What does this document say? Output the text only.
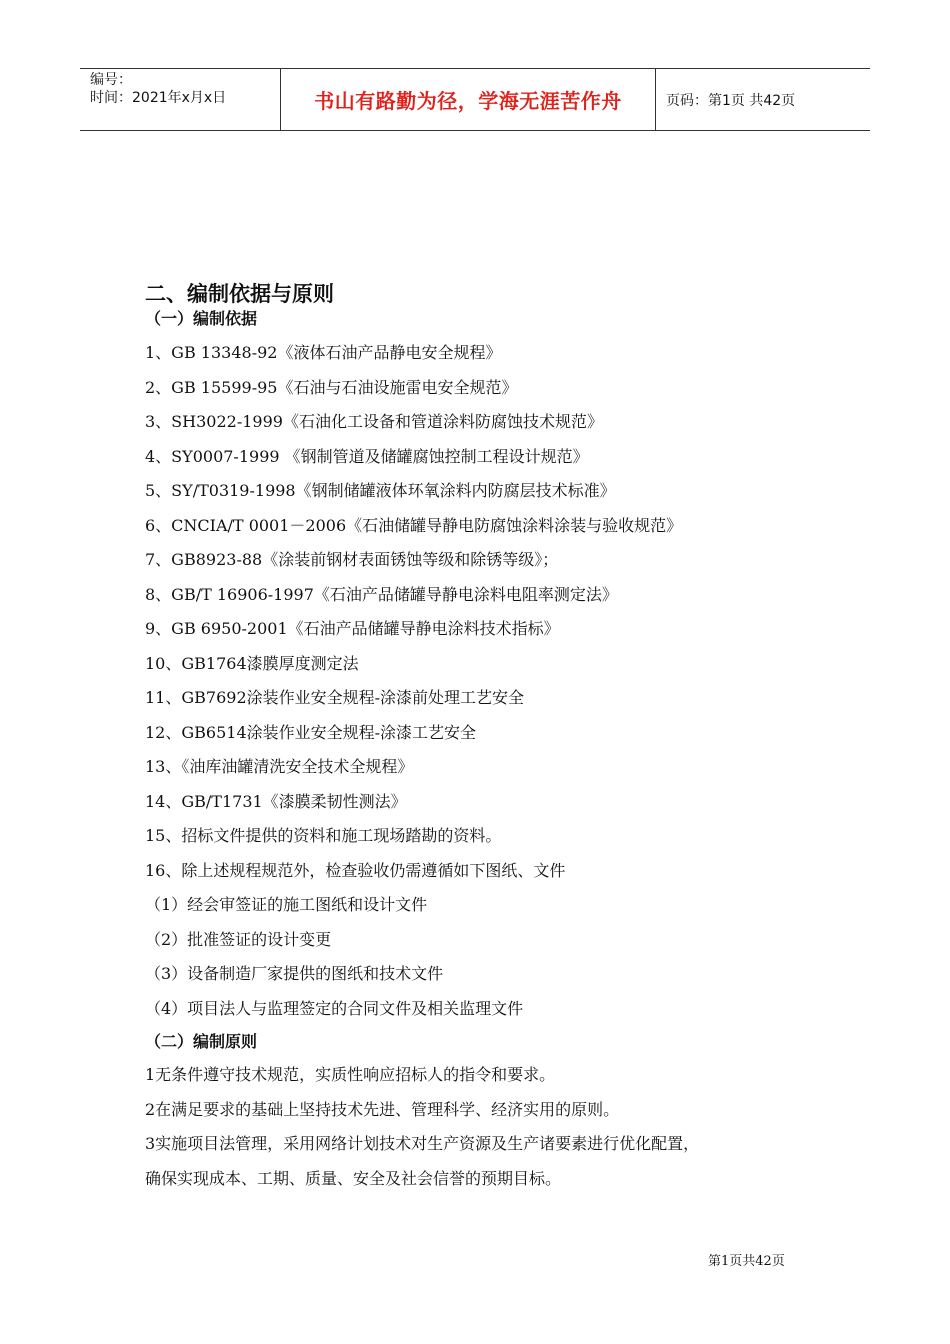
编号：
时间：2021年x月x日	书山有路勤为径，学海无涯苦作舟	页码：第1页 共42页
二、编制依据与原则
（一）编制依据

1、GB 13348-92《液体石油产品静电安全规程》

2、GB 15599-95《石油与石油设施雷电安全规范》

3、SH3022-1999《石油化工设备和管道涂料防腐蚀技术规范》

4、SY0007-1999 《钢制管道及储罐腐蚀控制工程设计规范》

5、SY/T0319-1998《钢制储罐液体环氧涂料内防腐层技术标准》

6、CNCIA/T 0001－2006《石油储罐导静电防腐蚀涂料涂装与验收规范》

7、GB8923-88《涂装前钢材表面锈蚀等级和除锈等级》；

8、GB/T 16906-1997《石油产品储罐导静电涂料电阻率测定法》

9、GB 6950-2001《石油产品储罐导静电涂料技术指标》

10、GB1764漆膜厚度测定法

11、GB7692涂装作业安全规程-涂漆前处理工艺安全

12、GB6514涂装作业安全规程-涂漆工艺安全

13、《油库油罐清洗安全技术全规程》

14、GB/T1731《漆膜柔韧性测法》

15、招标文件提供的资料和施工现场踏勘的资料。

16、除上述规程规范外，检查验收仍需遵循如下图纸、文件

（1）经会审签证的施工图纸和设计文件

（2）批准签证的设计变更

（3）设备制造厂家提供的图纸和技术文件

（4）项目法人与监理签定的合同文件及相关监理文件

（二）编制原则

1无条件遵守技术规范，实质性响应招标人的指令和要求。

2在满足要求的基础上坚持技术先进、管理科学、经济实用的原则。

3实施项目法管理，采用网络计划技术对生产资源及生产诸要素进行优化配置，

确保实现成本、工期、质量、安全及社会信誉的预期目标。

第1页共42页
